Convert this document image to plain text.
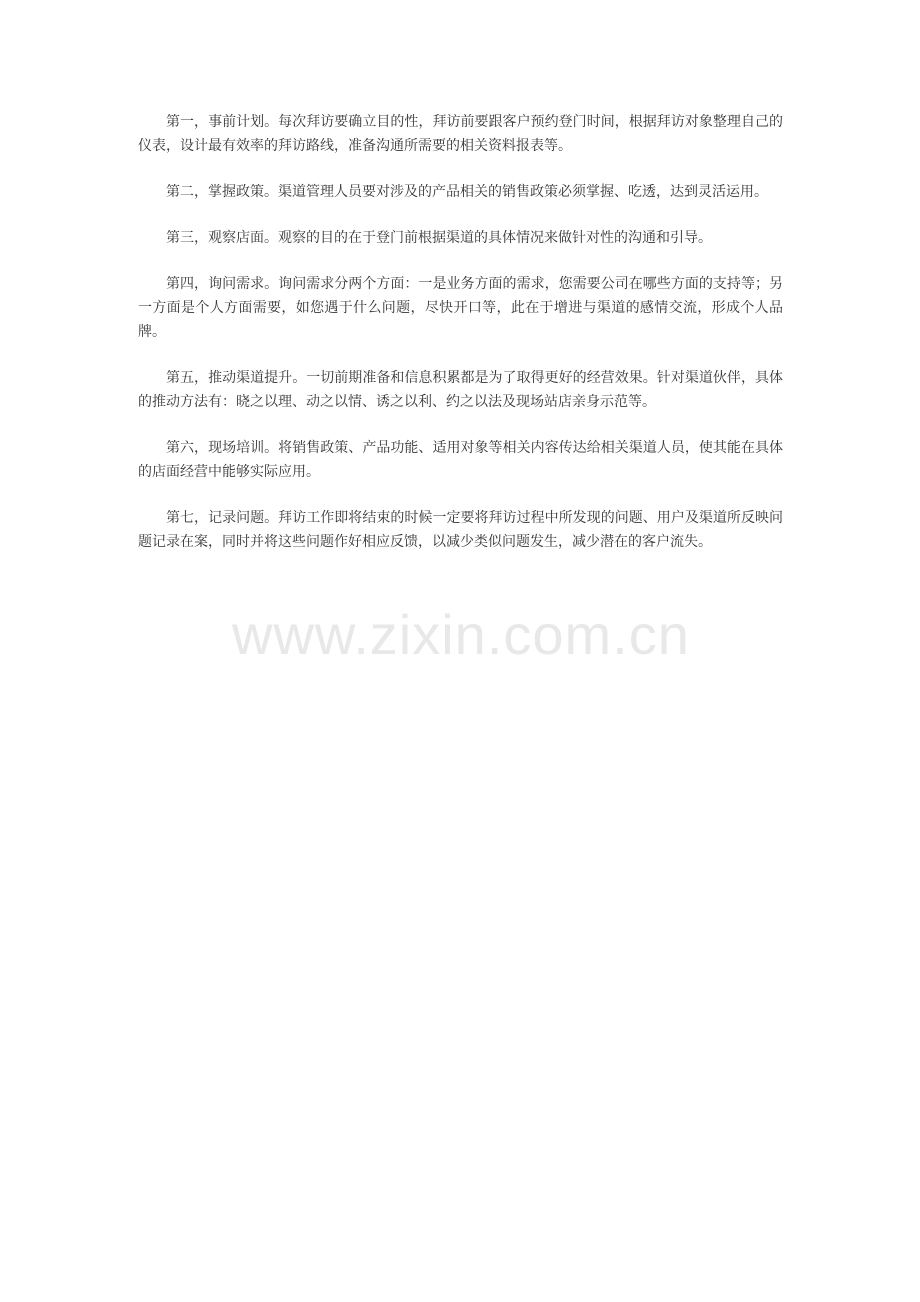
第一，事前计划。每次拜访要确立目的性，拜访前要跟客户预约登门时间，根据拜访对象整理自己的仪表，设计最有效率的拜访路线，准备沟通所需要的相关资料报表等。

第二，掌握政策。渠道管理人员要对涉及的产品相关的销售政策必须掌握、吃透，达到灵活运用。

第三，观察店面。观察的目的在于登门前根据渠道的具体情况来做针对性的沟通和引导。

第四，询问需求。询问需求分两个方面：一是业务方面的需求，您需要公司在哪些方面的支持等；另一方面是个人方面需要，如您遇于什么问题，尽快开口等，此在于增进与渠道的感情交流，形成个人品牌。

第五，推动渠道提升。一切前期准备和信息积累都是为了取得更好的经营效果。针对渠道伙伴，具体的推动方法有：晓之以理、动之以情、诱之以利、约之以法及现场站店亲身示范等。

第六，现场培训。将销售政策、产品功能、适用对象等相关内容传达给相关渠道人员，使其能在具体的店面经营中能够实际应用。

第七，记录问题。拜访工作即将结束的时候一定要将拜访过程中所发现的问题、用户及渠道所反映问题记录在案，同时并将这些问题作好相应反馈，以减少类似问题发生，减少潜在的客户流失。

www.zixin.com.cn
